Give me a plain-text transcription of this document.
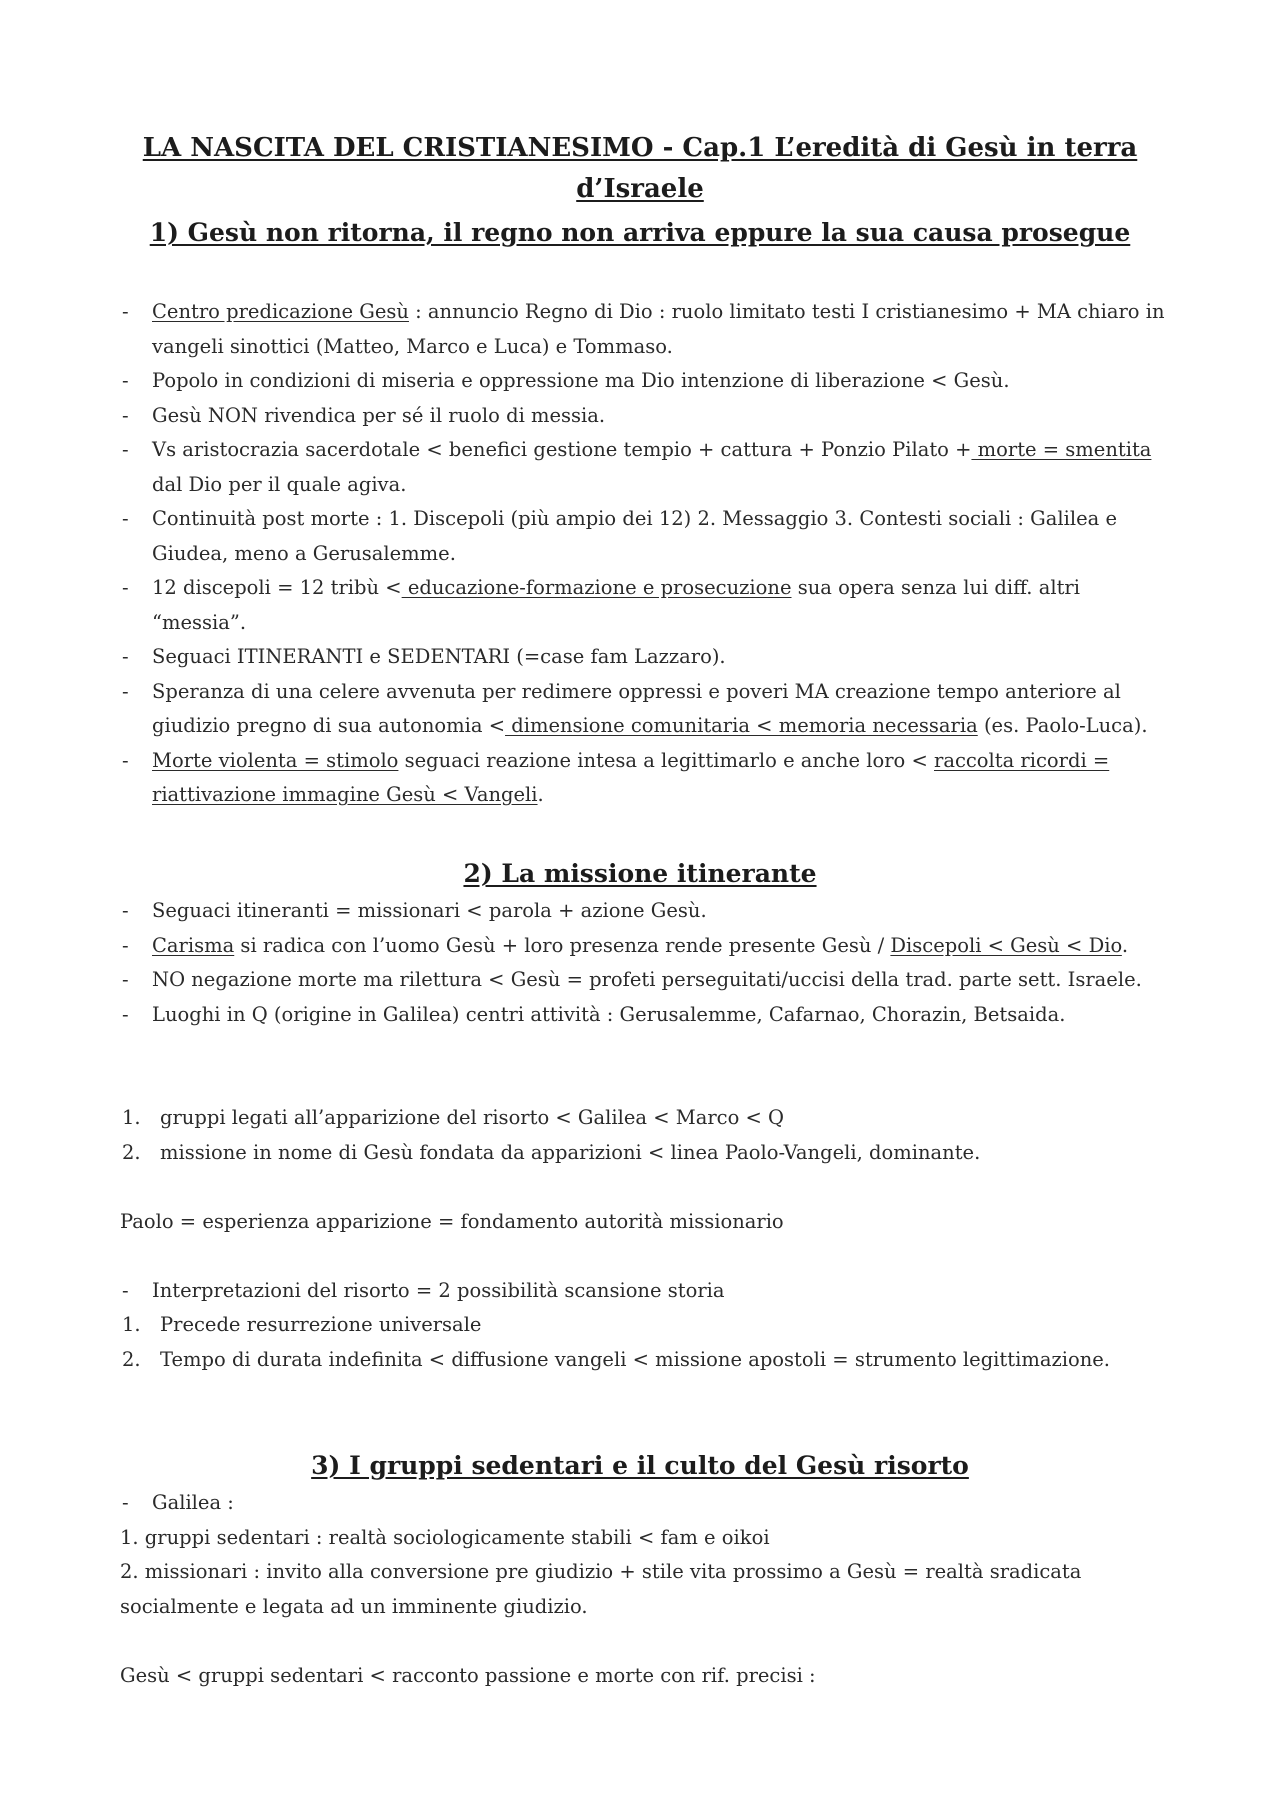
LA NASCITA DEL CRISTIANESIMO - Cap.1 L’eredità di Gesù in terra
d’Israele
1) Gesù non ritorna, il regno non arriva eppure la sua causa prosegue
- Centro predicazione Gesù : annuncio Regno di Dio : ruolo limitato testi I cristianesimo + MA chiaro in vangeli sinottici (Matteo, Marco e Luca) e Tommaso.
- Popolo in condizioni di miseria e oppressione ma Dio intenzione di liberazione < Gesù.
- Gesù NON rivendica per sé il ruolo di messia.
- Vs aristocrazia sacerdotale < benefici gestione tempio + cattura + Ponzio Pilato + morte = smentita dal Dio per il quale agiva.
- Continuità post morte : 1. Discepoli (più ampio dei 12) 2. Messaggio 3. Contesti sociali : Galilea e Giudea, meno a Gerusalemme.
- 12 discepoli = 12 tribù < educazione-formazione e prosecuzione sua opera senza lui diff. altri “messia”.
- Seguaci ITINERANTI e SEDENTARI (=case fam Lazzaro).
- Speranza di una celere avvenuta per redimere oppressi e poveri MA creazione tempo anteriore al giudizio pregno di sua autonomia < dimensione comunitaria < memoria necessaria (es. Paolo-Luca).
- Morte violenta = stimolo seguaci reazione intesa a legittimarlo e anche loro < raccolta ricordi = riattivazione immagine Gesù < Vangeli.
2) La missione itinerante
- Seguaci itineranti = missionari < parola + azione Gesù.
- Carisma si radica con l’uomo Gesù + loro presenza rende presente Gesù / Discepoli < Gesù < Dio.
- NO negazione morte ma rilettura < Gesù = profeti perseguitati/uccisi della trad. parte sett. Israele.
- Luoghi in Q (origine in Galilea) centri attività : Gerusalemme, Cafarnao, Chorazin, Betsaida.
1. gruppi legati all’apparizione del risorto < Galilea < Marco < Q
2. missione in nome di Gesù fondata da apparizioni < linea Paolo-Vangeli, dominante.

Paolo = esperienza apparizione = fondamento autorità missionario

- Interpretazioni del risorto = 2 possibilità scansione storia
1. Precede resurrezione universale
2. Tempo di durata indefinita < diffusione vangeli < missione apostoli = strumento legittimazione.
3) I gruppi sedentari e il culto del Gesù risorto
- Galilea :

1. gruppi sedentari : realtà sociologicamente stabili < fam e oikoi

2. missionari : invito alla conversione pre giudizio + stile vita prossimo a Gesù = realtà sradicata socialmente e legata ad un imminente giudizio.

Gesù < gruppi sedentari < racconto passione e morte con rif. precisi :
